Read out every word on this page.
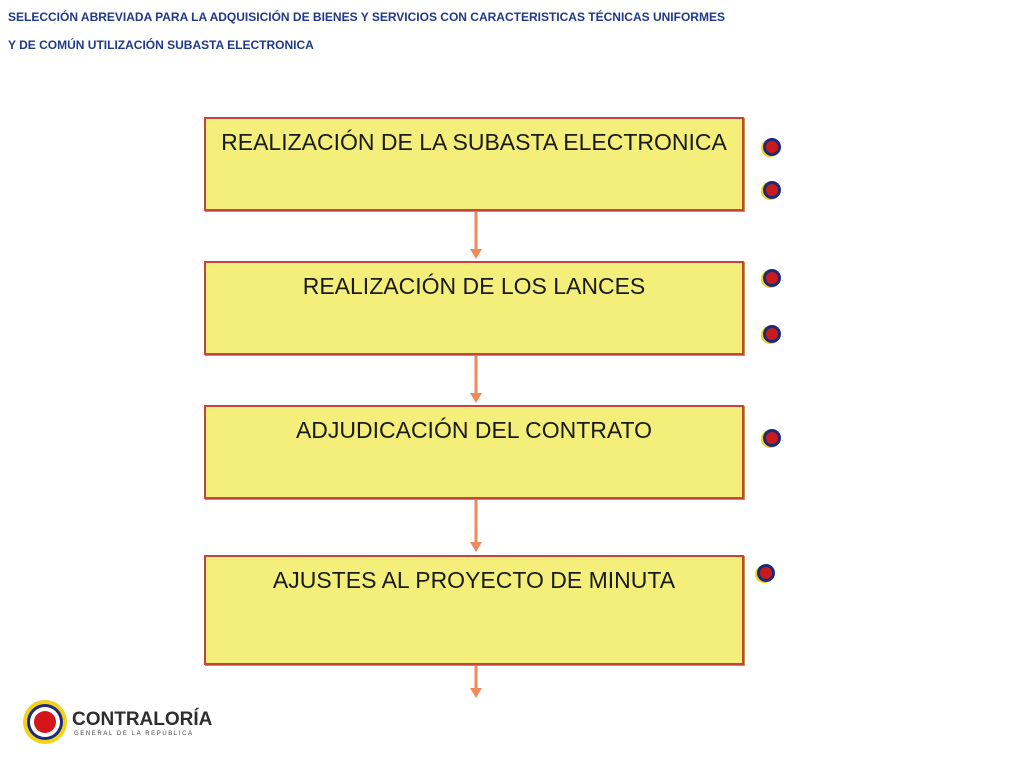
SELECCIÓN ABREVIADA PARA LA ADQUISICIÓN DE BIENES Y SERVICIOS CON CARACTERISTICAS TÉCNICAS UNIFORMES
Y DE COMÚN UTILIZACIÓN SUBASTA ELECTRONICA
REALIZACIÓN DE LA SUBASTA ELECTRONICA
REALIZACIÓN DE LOS LANCES
ADJUDICACIÓN DEL CONTRATO
AJUSTES AL PROYECTO DE MINUTA
CONTRALORÍA
GENERAL DE LA REPÚBLICA
